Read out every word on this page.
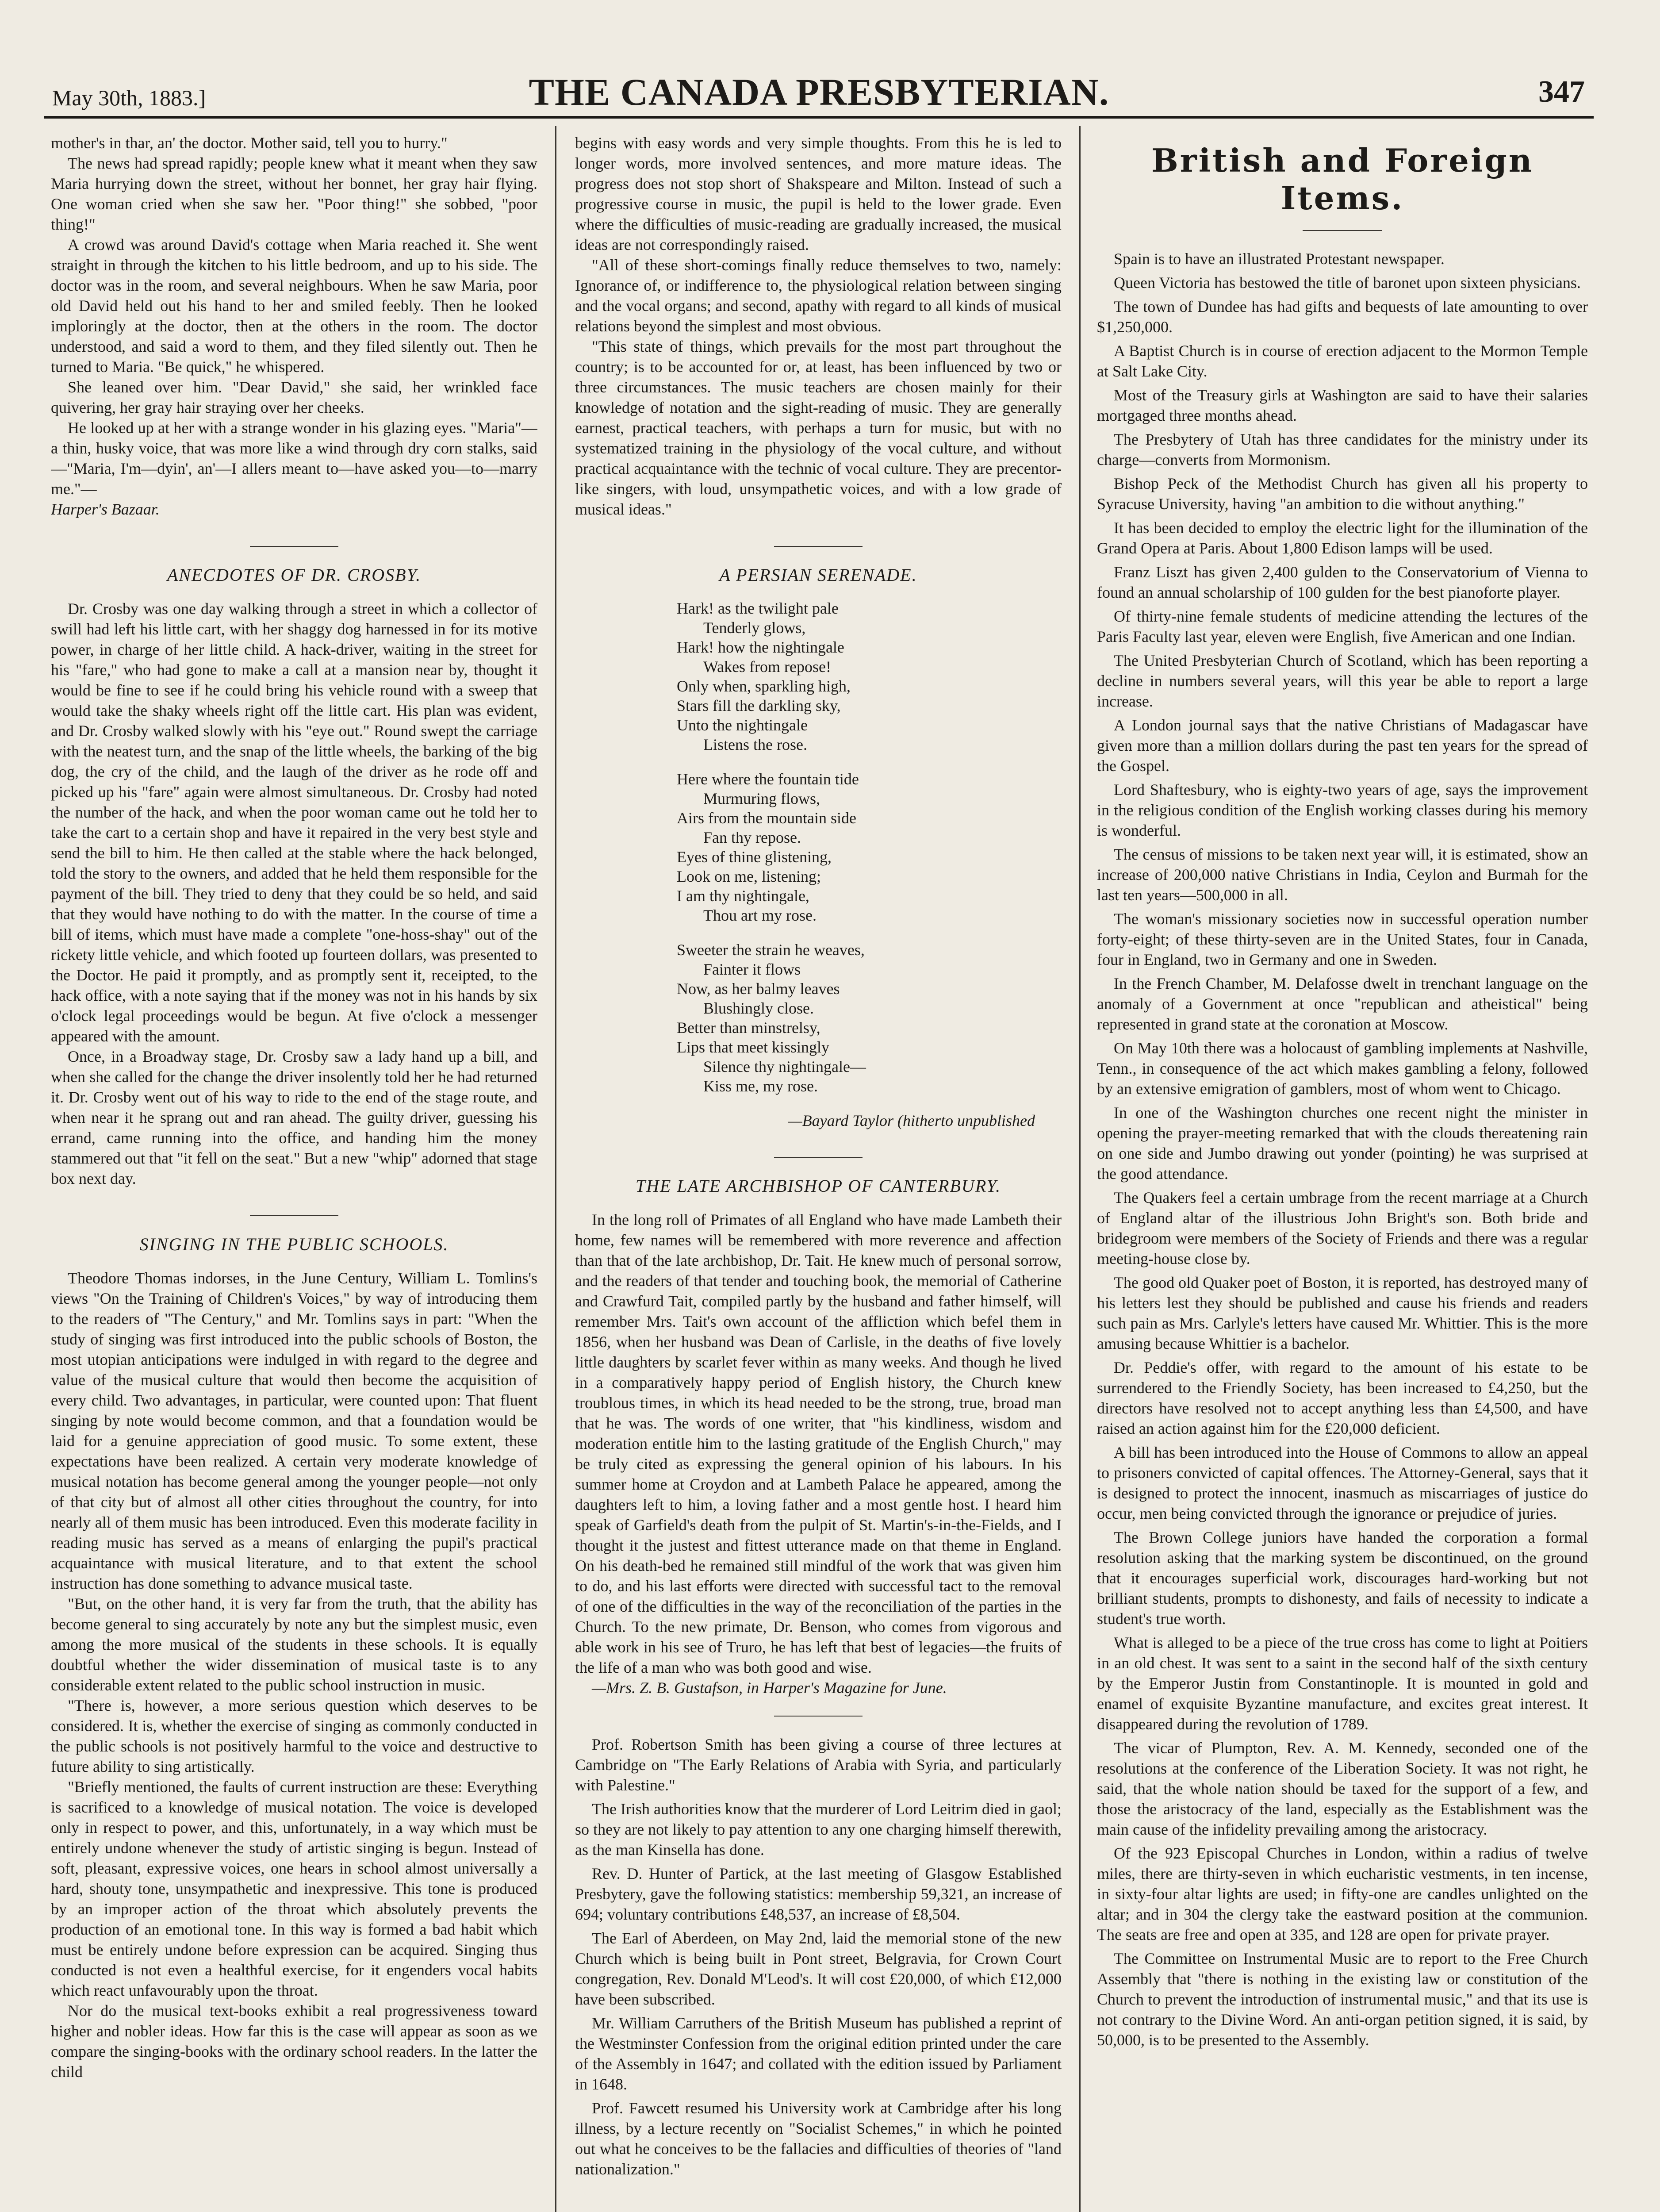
May 30th, 1883.]	THE CANADA PRESBYTERIAN.	347

mother's in thar, an' the doctor. Mother said, tell you to hurry."

The news had spread rapidly; people knew what it meant when they saw Maria hurrying down the street, without her bonnet, her gray hair flying. One woman cried when she saw her. "Poor thing!" she sobbed, "poor thing!"

A crowd was around David's cottage when Maria reached it. She went straight in through the kitchen to his little bedroom, and up to his side. The doctor was in the room, and several neighbours. When he saw Maria, poor old David held out his hand to her and smiled feebly. Then he looked imploringly at the doctor, then at the others in the room. The doctor understood, and said a word to them, and they filed silently out. Then he turned to Maria. "Be quick," he whispered.

She leaned over him. "Dear David," she said, her wrinkled face quivering, her gray hair straying over her cheeks.

He looked up at her with a strange wonder in his glazing eyes. "Maria"—a thin, husky voice, that was more like a wind through dry corn stalks, said—"Maria, I'm—dyin', an'—I allers meant to—have asked you—to—marry me."—

Harper's Bazaar.

ANECDOTES OF DR. CROSBY.

Dr. Crosby was one day walking through a street in which a collector of swill had left his little cart, with her shaggy dog harnessed in for its motive power, in charge of her little child. A hack-driver, waiting in the street for his "fare," who had gone to make a call at a mansion near by, thought it would be fine to see if he could bring his vehicle round with a sweep that would take the shaky wheels right off the little cart. His plan was evident, and Dr. Crosby walked slowly with his "eye out." Round swept the carriage with the neatest turn, and the snap of the little wheels, the barking of the big dog, the cry of the child, and the laugh of the driver as he rode off and picked up his "fare" again were almost simultaneous. Dr. Crosby had noted the number of the hack, and when the poor woman came out he told her to take the cart to a certain shop and have it repaired in the very best style and send the bill to him. He then called at the stable where the hack belonged, told the story to the owners, and added that he held them responsible for the payment of the bill. They tried to deny that they could be so held, and said that they would have nothing to do with the matter. In the course of time a bill of items, which must have made a complete "one-hoss-shay" out of the rickety little vehicle, and which footed up fourteen dollars, was presented to the Doctor. He paid it promptly, and as promptly sent it, receipted, to the hack office, with a note saying that if the money was not in his hands by six o'clock legal proceedings would be begun. At five o'clock a messenger appeared with the amount.

Once, in a Broadway stage, Dr. Crosby saw a lady hand up a bill, and when she called for the change the driver insolently told her he had returned it. Dr. Crosby went out of his way to ride to the end of the stage route, and when near it he sprang out and ran ahead. The guilty driver, guessing his errand, came running into the office, and handing him the money stammered out that "it fell on the seat." But a new "whip" adorned that stage box next day.

SINGING IN THE PUBLIC SCHOOLS.

Theodore Thomas indorses, in the June Century, William L. Tomlins's views "On the Training of Children's Voices," by way of introducing them to the readers of "The Century," and Mr. Tomlins says in part: "When the study of singing was first introduced into the public schools of Boston, the most utopian anticipations were indulged in with regard to the degree and value of the musical culture that would then become the acquisition of every child. Two advantages, in particular, were counted upon: That fluent singing by note would become common, and that a foundation would be laid for a genuine appreciation of good music. To some extent, these expectations have been realized. A certain very moderate knowledge of musical notation has become general among the younger people—not only of that city but of almost all other cities throughout the country, for into nearly all of them music has been introduced. Even this moderate facility in reading music has served as a means of enlarging the pupil's practical acquaintance with musical literature, and to that extent the school instruction has done something to advance musical taste.

"But, on the other hand, it is very far from the truth, that the ability has become general to sing accurately by note any but the simplest music, even among the more musical of the students in these schools. It is equally doubtful whether the wider dissemination of musical taste is to any considerable extent related to the public school instruction in music.

"There is, however, a more serious question which deserves to be considered. It is, whether the exercise of singing as commonly conducted in the public schools is not positively harmful to the voice and destructive to future ability to sing artistically.

"Briefly mentioned, the faults of current instruction are these: Everything is sacrificed to a knowledge of musical notation. The voice is developed only in respect to power, and this, unfortunately, in a way which must be entirely undone whenever the study of artistic singing is begun. Instead of soft, pleasant, expressive voices, one hears in school almost universally a hard, shouty tone, unsympathetic and inexpressive. This tone is produced by an improper action of the throat which absolutely prevents the production of an emotional tone. In this way is formed a bad habit which must be entirely undone before expression can be acquired. Singing thus conducted is not even a healthful exercise, for it engenders vocal habits which react unfavourably upon the throat.

Nor do the musical text-books exhibit a real progressiveness toward higher and nobler ideas. How far this is the case will appear as soon as we compare the singing-books with the ordinary school readers. In the latter the child

begins with easy words and very simple thoughts. From this he is led to longer words, more involved sentences, and more mature ideas. The progress does not stop short of Shakspeare and Milton. Instead of such a progressive course in music, the pupil is held to the lower grade. Even where the difficulties of music-reading are gradually increased, the musical ideas are not correspondingly raised.

"All of these short-comings finally reduce themselves to two, namely: Ignorance of, or indifference to, the physiological relation between singing and the vocal organs; and second, apathy with regard to all kinds of musical relations beyond the simplest and most obvious.

"This state of things, which prevails for the most part throughout the country; is to be accounted for or, at least, has been influenced by two or three circumstances. The music teachers are chosen mainly for their knowledge of notation and the sight-reading of music. They are generally earnest, practical teachers, with perhaps a turn for music, but with no systematized training in the physiology of the vocal culture, and without practical acquaintance with the technic of vocal culture. They are precentor-like singers, with loud, unsympathetic voices, and with a low grade of musical ideas."

A PERSIAN SERENADE.
Hark! as the twilight pale
Tenderly glows,
Hark! how the nightingale
Wakes from repose!
Only when, sparkling high,
Stars fill the darkling sky,
Unto the nightingale
Listens the rose.
Here where the fountain tide
Murmuring flows,
Airs from the mountain side
Fan thy repose.
Eyes of thine glistening,
Look on me, listening;
I am thy nightingale,
Thou art my rose.
Sweeter the strain he weaves,
Fainter it flows
Now, as her balmy leaves
Blushingly close.
Better than minstrelsy,
Lips that meet kissingly
Silence thy nightingale—
Kiss me, my rose.
—Bayard Taylor (hitherto unpublished
THE LATE ARCHBISHOP OF CANTERBURY.

In the long roll of Primates of all England who have made Lambeth their home, few names will be remembered with more reverence and affection than that of the late archbishop, Dr. Tait. He knew much of personal sorrow, and the readers of that tender and touching book, the memorial of Catherine and Crawfurd Tait, compiled partly by the husband and father himself, will remember Mrs. Tait's own account of the affliction which befel them in 1856, when her husband was Dean of Carlisle, in the deaths of five lovely little daughters by scarlet fever within as many weeks. And though he lived in a comparatively happy period of English history, the Church knew troublous times, in which its head needed to be the strong, true, broad man that he was. The words of one writer, that "his kindliness, wisdom and moderation entitle him to the lasting gratitude of the English Church," may be truly cited as expressing the general opinion of his labours. In his summer home at Croydon and at Lambeth Palace he appeared, among the daughters left to him, a loving father and a most gentle host. I heard him speak of Garfield's death from the pulpit of St. Martin's-in-the-Fields, and I thought it the justest and fittest utterance made on that theme in England. On his death-bed he remained still mindful of the work that was given him to do, and his last efforts were directed with successful tact to the removal of one of the difficulties in the way of the reconciliation of the parties in the Church. To the new primate, Dr. Benson, who comes from vigorous and able work in his see of Truro, he has left that best of legacies—the fruits of the life of a man who was both good and wise.

—Mrs. Z. B. Gustafson, in Harper's Magazine for June.

Prof. Robertson Smith has been giving a course of three lectures at Cambridge on "The Early Relations of Arabia with Syria, and particularly with Palestine."

The Irish authorities know that the murderer of Lord Leitrim died in gaol; so they are not likely to pay attention to any one charging himself therewith, as the man Kinsella has done.

Rev. D. Hunter of Partick, at the last meeting of Glasgow Established Presbytery, gave the following statistics: membership 59,321, an increase of 694; voluntary contributions £48,537, an increase of £8,504.

The Earl of Aberdeen, on May 2nd, laid the memorial stone of the new Church which is being built in Pont street, Belgravia, for Crown Court congregation, Rev. Donald M'Leod's. It will cost £20,000, of which £12,000 have been subscribed.

Mr. William Carruthers of the British Museum has published a reprint of the Westminster Confession from the original edition printed under the care of the Assembly in 1647; and collated with the edition issued by Parliament in 1648.

Prof. Fawcett resumed his University work at Cambridge after his long illness, by a lecture recently on "Socialist Schemes," in which he pointed out what he conceives to be the fallacies and difficulties of theories of "land nationalization."

British and Foreign Items.

Spain is to have an illustrated Protestant newspaper.

Queen Victoria has bestowed the title of baronet upon sixteen physicians.

The town of Dundee has had gifts and bequests of late amounting to over $1,250,000.

A Baptist Church is in course of erection adjacent to the Mormon Temple at Salt Lake City.

Most of the Treasury girls at Washington are said to have their salaries mortgaged three months ahead.

The Presbytery of Utah has three candidates for the ministry under its charge—converts from Mormonism.

Bishop Peck of the Methodist Church has given all his property to Syracuse University, having "an ambition to die without anything."

It has been decided to employ the electric light for the illumination of the Grand Opera at Paris. About 1,800 Edison lamps will be used.

Franz Liszt has given 2,400 gulden to the Conservatorium of Vienna to found an annual scholarship of 100 gulden for the best pianoforte player.

Of thirty-nine female students of medicine attending the lectures of the Paris Faculty last year, eleven were English, five American and one Indian.

The United Presbyterian Church of Scotland, which has been reporting a decline in numbers several years, will this year be able to report a large increase.

A London journal says that the native Christians of Madagascar have given more than a million dollars during the past ten years for the spread of the Gospel.

Lord Shaftesbury, who is eighty-two years of age, says the improvement in the religious condition of the English working classes during his memory is wonderful.

The census of missions to be taken next year will, it is estimated, show an increase of 200,000 native Christians in India, Ceylon and Burmah for the last ten years—500,000 in all.

The woman's missionary societies now in successful operation number forty-eight; of these thirty-seven are in the United States, four in Canada, four in England, two in Germany and one in Sweden.

In the French Chamber, M. Delafosse dwelt in trenchant language on the anomaly of a Government at once "republican and atheistical" being represented in grand state at the coronation at Moscow.

On May 10th there was a holocaust of gambling implements at Nashville, Tenn., in consequence of the act which makes gambling a felony, followed by an extensive emigration of gamblers, most of whom went to Chicago.

In one of the Washington churches one recent night the minister in opening the prayer-meeting remarked that with the clouds thereatening rain on one side and Jumbo drawing out yonder (pointing) he was surprised at the good attendance.

The Quakers feel a certain umbrage from the recent marriage at a Church of England altar of the illustrious John Bright's son. Both bride and bridegroom were members of the Society of Friends and there was a regular meeting-house close by.

The good old Quaker poet of Boston, it is reported, has destroyed many of his letters lest they should be published and cause his friends and readers such pain as Mrs. Carlyle's letters have caused Mr. Whittier. This is the more amusing because Whittier is a bachelor.

Dr. Peddie's offer, with regard to the amount of his estate to be surrendered to the Friendly Society, has been increased to £4,250, but the directors have resolved not to accept anything less than £4,500, and have raised an action against him for the £20,000 deficient.

A bill has been introduced into the House of Commons to allow an appeal to prisoners convicted of capital offences. The Attorney-General, says that it is designed to protect the innocent, inasmuch as miscarriages of justice do occur, men being convicted through the ignorance or prejudice of juries.

The Brown College juniors have handed the corporation a formal resolution asking that the marking system be discontinued, on the ground that it encourages superficial work, discourages hard-working but not brilliant students, prompts to dishonesty, and fails of necessity to indicate a student's true worth.

What is alleged to be a piece of the true cross has come to light at Poitiers in an old chest. It was sent to a saint in the second half of the sixth century by the Emperor Justin from Constantinople. It is mounted in gold and enamel of exquisite Byzantine manufacture, and excites great interest. It disappeared during the revolution of 1789.

The vicar of Plumpton, Rev. A. M. Kennedy, seconded one of the resolutions at the conference of the Liberation Society. It was not right, he said, that the whole nation should be taxed for the support of a few, and those the aristocracy of the land, especially as the Establishment was the main cause of the infidelity prevailing among the aristocracy.

Of the 923 Episcopal Churches in London, within a radius of twelve miles, there are thirty-seven in which eucharistic vestments, in ten incense, in sixty-four altar lights are used; in fifty-one are candles unlighted on the altar; and in 304 the clergy take the eastward position at the communion. The seats are free and open at 335, and 128 are open for private prayer.

The Committee on Instrumental Music are to report to the Free Church Assembly that "there is nothing in the existing law or constitution of the Church to prevent the introduction of instrumental music," and that its use is not contrary to the Divine Word. An anti-organ petition signed, it is said, by 50,000, is to be presented to the Assembly.
